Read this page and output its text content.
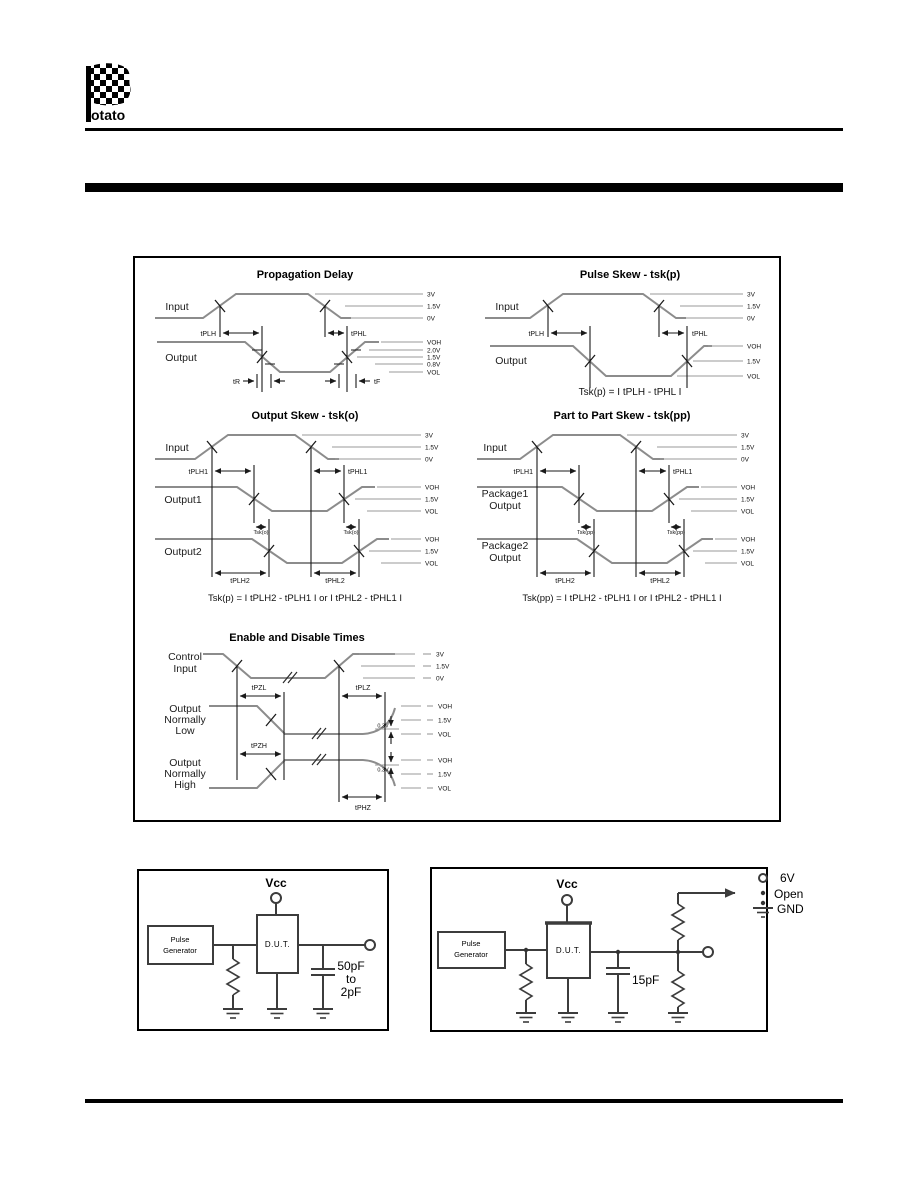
otato
Propagation Delay
Input
Output
3V
1.5V
0V
VOH
2.0V
1.5V
0.8V
VOL
tPLH	tPHL
tR	tF
Pulse Skew - tsk(p)
Input
Output
3V
1.5V
0V
VOH
1.5V
VOL
tPLH	tPHL
Tsk(p) = I tPLH - tPHL I
Output Skew - tsk(o)
Input
Output1
Output2
3V
1.5V
0V
VOH
1.5V
VOL
VOH
1.5V
VOL
tPLH1	tPHL1
Tsk(o)	Tsk(o)
tPLH2	tPHL2
Tsk(p) = I tPLH2 - tPLH1 I or I tPHL2 - tPHL1 I
Part to Part Skew - tsk(pp)
Input
Package1
Output
Package2
Output
3V
1.5V
0V
VOH
1.5V
VOL
VOH
1.5V
VOL
tPLH1	tPHL1
Tsk(pp)	Tsk(pp)
tPLH2	tPHL2
Tsk(pp) = I tPLH2 - tPLH1 I or I tPHL2 - tPHL1 I
Enable and Disable Times
Control
Input
Output
Normally
Low
Output
Normally
High
3V
1.5V
0V
VOH
1.5V
VOL
0.3V
VOH
1.5V
VOL
0.3V
tPZL	tPLZ
tPZH
tPHZ
Vcc
Pulse
Generator
D.U.T.
50pF
to
2pF
Vcc
Pulse
Generator	D.U.T.
15pF
6V
Open
GND
